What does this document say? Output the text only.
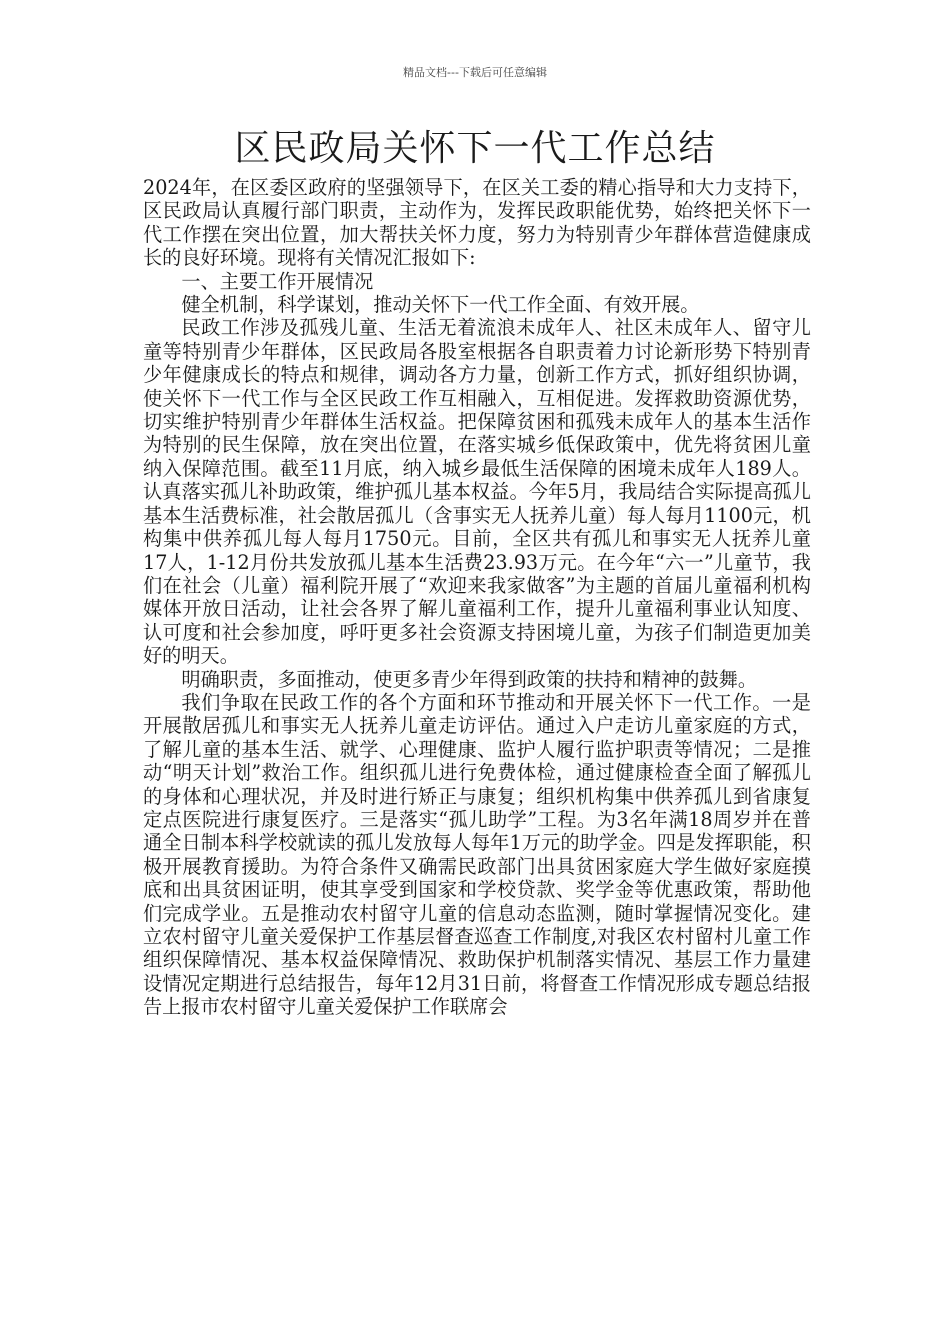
精品文档---下载后可任意编辑
区民政局关怀下一代工作总结

2024年，在区委区政府的坚强领导下，在区关工委的精心指导和大力支持下，区民政局认真履行部门职责，主动作为，发挥民政职能优势，始终把关怀下一代工作摆在突出位置，加大帮扶关怀力度，努力为特别青少年群体营造健康成长的良好环境。现将有关情况汇报如下:

一、主要工作开展情况

健全机制，科学谋划，推动关怀下一代工作全面、有效开展。

民政工作涉及孤残儿童、生活无着流浪未成年人、社区未成年人、留守儿童等特别青少年群体，区民政局各股室根据各自职责着力讨论新形势下特别青少年健康成长的特点和规律，调动各方力量，创新工作方式，抓好组织协调，使关怀下一代工作与全区民政工作互相融入，互相促进。发挥救助资源优势，切实维护特别青少年群体生活权益。把保障贫困和孤残未成年人的基本生活作为特别的民生保障，放在突出位置，在落实城乡低保政策中，优先将贫困儿童纳入保障范围。截至11月底，纳入城乡最低生活保障的困境未成年人189人。认真落实孤儿补助政策，维护孤儿基本权益。今年5月，我局结合实际提高孤儿基本生活费标准，社会散居孤儿（含事实无人抚养儿童）每人每月1100元，机构集中供养孤儿每人每月1750元。目前，全区共有孤儿和事实无人抚养儿童17人，1-12月份共发放孤儿基本生活费23.93万元。在今年“六一”儿童节，我们在社会（儿童）福利院开展了“欢迎来我家做客”为主题的首届儿童福利机构媒体开放日活动，让社会各界了解儿童福利工作，提升儿童福利事业认知度、认可度和社会参加度，呼吁更多社会资源支持困境儿童，为孩子们制造更加美好的明天。

明确职责，多面推动，使更多青少年得到政策的扶持和精神的鼓舞。

我们争取在民政工作的各个方面和环节推动和开展关怀下一代工作。一是开展散居孤儿和事实无人抚养儿童走访评估。通过入户走访儿童家庭的方式，了解儿童的基本生活、就学、心理健康、监护人履行监护职责等情况；二是推动“明天计划”救治工作。组织孤儿进行免费体检，通过健康检查全面了解孤儿的身体和心理状况，并及时进行矫正与康复；组织机构集中供养孤儿到省康复定点医院进行康复医疗。三是落实“孤儿助学”工程。为3名年满18周岁并在普通全日制本科学校就读的孤儿发放每人每年1万元的助学金。四是发挥职能，积极开展教育援助。为符合条件又确需民政部门出具贫困家庭大学生做好家庭摸底和出具贫困证明，使其享受到国家和学校贷款、奖学金等优惠政策，帮助他们完成学业。五是推动农村留守儿童的信息动态监测，随时掌握情况变化。建立农村留守儿童关爱保护工作基层督查巡查工作制度,对我区农村留村儿童工作组织保障情况、基本权益保障情况、救助保护机制落实情况、基层工作力量建设情况定期进行总结报告，每年12月31日前，将督查工作情况形成专题总结报告上报市农村留守儿童关爱保护工作联席会
